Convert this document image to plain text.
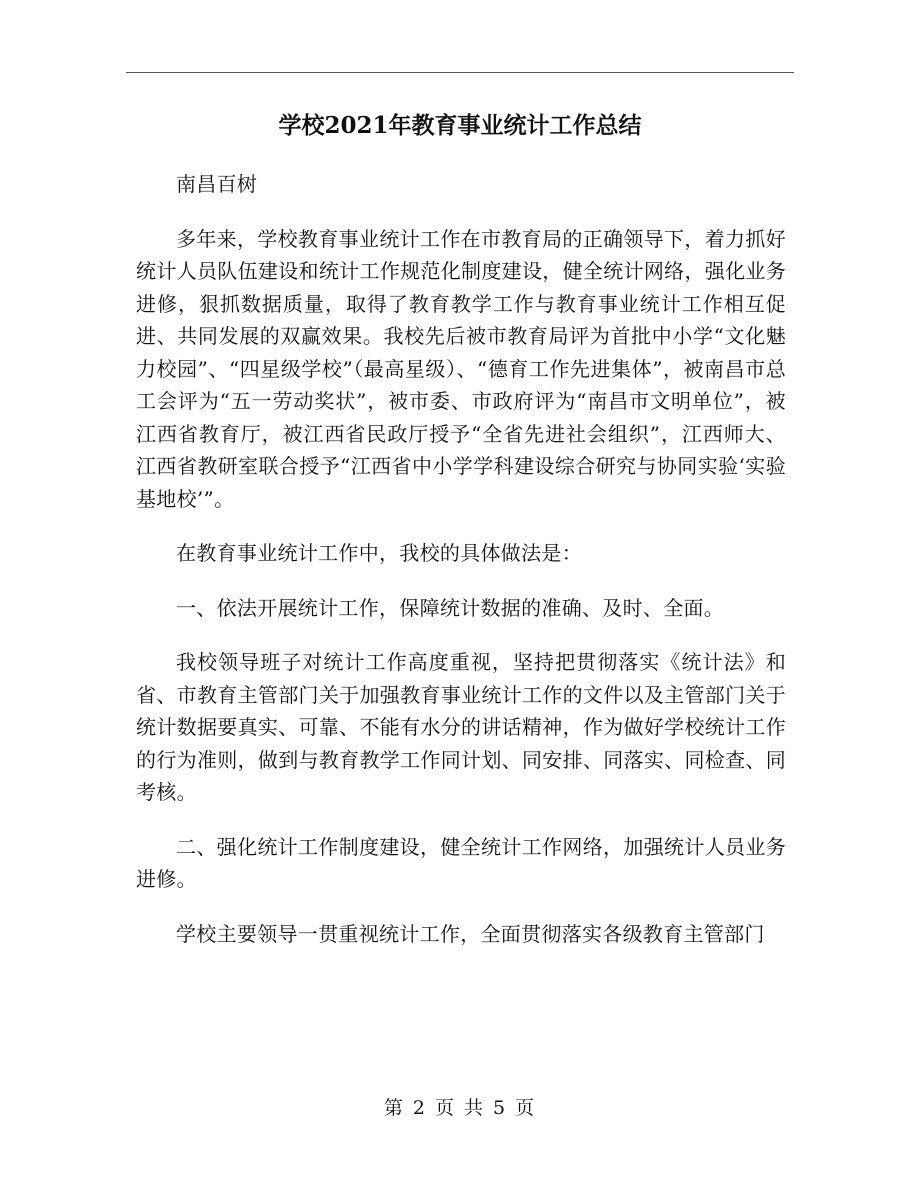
学校2021年教育事业统计工作总结

南昌百树

多年来，学校教育事业统计工作在市教育局的正确领导下，着力抓好统计人员队伍建设和统计工作规范化制度建设，健全统计网络，强化业务进修，狠抓数据质量，取得了教育教学工作与教育事业统计工作相互促进、共同发展的双赢效果。我校先后被市教育局评为首批中小学“文化魅力校园”、“四星级学校”（最高星级）、“德育工作先进集体”，被南昌市总工会评为“五一劳动奖状”，被市委、市政府评为“南昌市文明单位”，被江西省教育厅，被江西省民政厅授予“全省先进社会组织”，江西师大、江西省教研室联合授予“江西省中小学学科建设综合研究与协同实验‘实验基地校’”。

在教育事业统计工作中，我校的具体做法是：

一、依法开展统计工作，保障统计数据的准确、及时、全面。

我校领导班子对统计工作高度重视，坚持把贯彻落实《统计法》和省、市教育主管部门关于加强教育事业统计工作的文件以及主管部门关于统计数据要真实、可靠、不能有水分的讲话精神，作为做好学校统计工作的行为准则，做到与教育教学工作同计划、同安排、同落实、同检查、同考核。

二、强化统计工作制度建设，健全统计工作网络，加强统计人员业务进修。

学校主要领导一贯重视统计工作，全面贯彻落实各级教育主管部门

第 2 页 共 5 页
